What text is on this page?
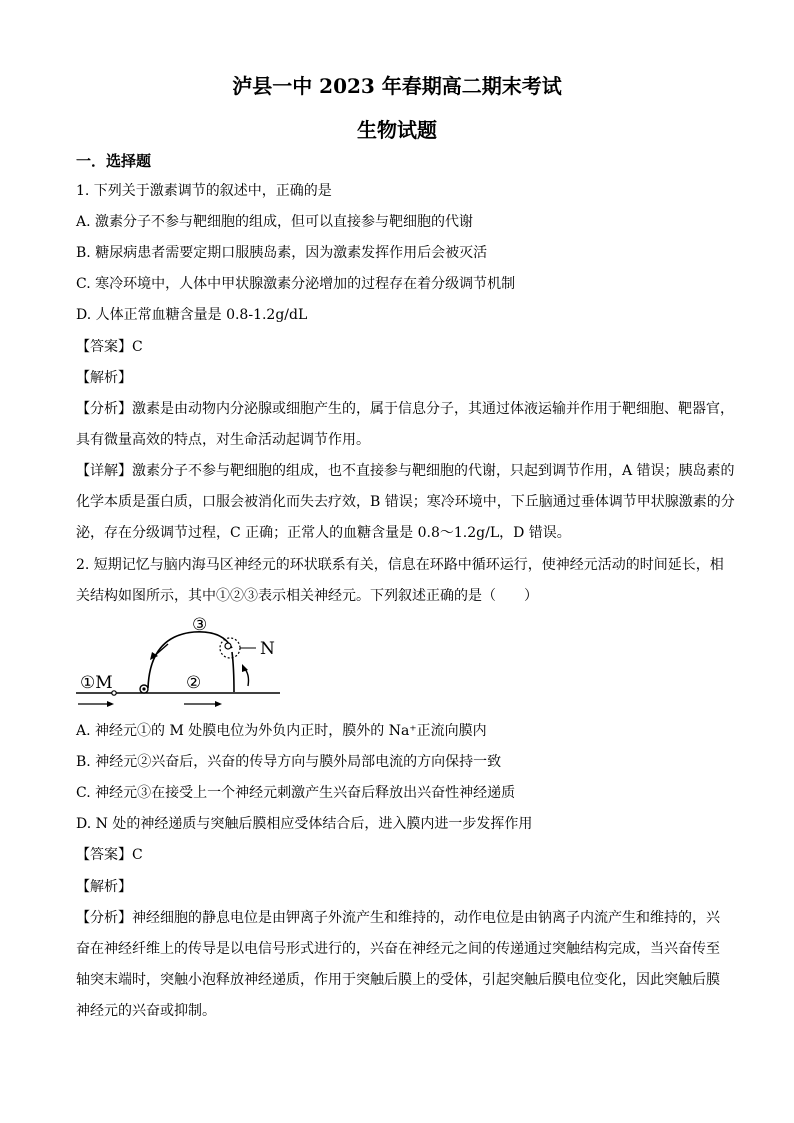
泸县一中 2023 年春期高二期末考试
生物试题
一．选择题
1. 下列关于激素调节的叙述中，正确的是
A. 激素分子不参与靶细胞的组成，但可以直接参与靶细胞的代谢
B. 糖尿病患者需要定期口服胰岛素，因为激素发挥作用后会被灭活
C. 寒冷环境中，人体中甲状腺激素分泌增加的过程存在着分级调节机制
D. 人体正常血糖含量是 0.8-1.2g/dL
【答案】C
【解析】
【分析】激素是由动物内分泌腺或细胞产生的，属于信息分子，其通过体液运输并作用于靶细胞、靶器官，
具有微量高效的特点，对生命活动起调节作用。
【详解】激素分子不参与靶细胞的组成，也不直接参与靶细胞的代谢，只起到调节作用，A 错误；胰岛素的
化学本质是蛋白质，口服会被消化而失去疗效，B 错误；寒冷环境中，下丘脑通过垂体调节甲状腺激素的分
泌，存在分级调节过程，C 正确；正常人的血糖含量是 0.8～1.2g/L，D 错误。
2. 短期记忆与脑内海马区神经元的环状联系有关，信息在环路中循环运行，使神经元活动的时间延长，相
关结构如图所示，其中①②③表示相关神经元。下列叙述正确的是（　　）
①M	②
③
N
A. 神经元①的 M 处膜电位为外负内正时，膜外的 Na⁺正流向膜内
B. 神经元②兴奋后，兴奋的传导方向与膜外局部电流的方向保持一致
C. 神经元③在接受上一个神经元刺激产生兴奋后释放出兴奋性神经递质
D. N 处的神经递质与突触后膜相应受体结合后，进入膜内进一步发挥作用
【答案】C
【解析】
【分析】神经细胞的静息电位是由钾离子外流产生和维持的，动作电位是由钠离子内流产生和维持的，兴
奋在神经纤维上的传导是以电信号形式进行的，兴奋在神经元之间的传递通过突触结构完成，当兴奋传至
轴突末端时，突触小泡释放神经递质，作用于突触后膜上的受体，引起突触后膜电位变化，因此突触后膜
神经元的兴奋或抑制。
